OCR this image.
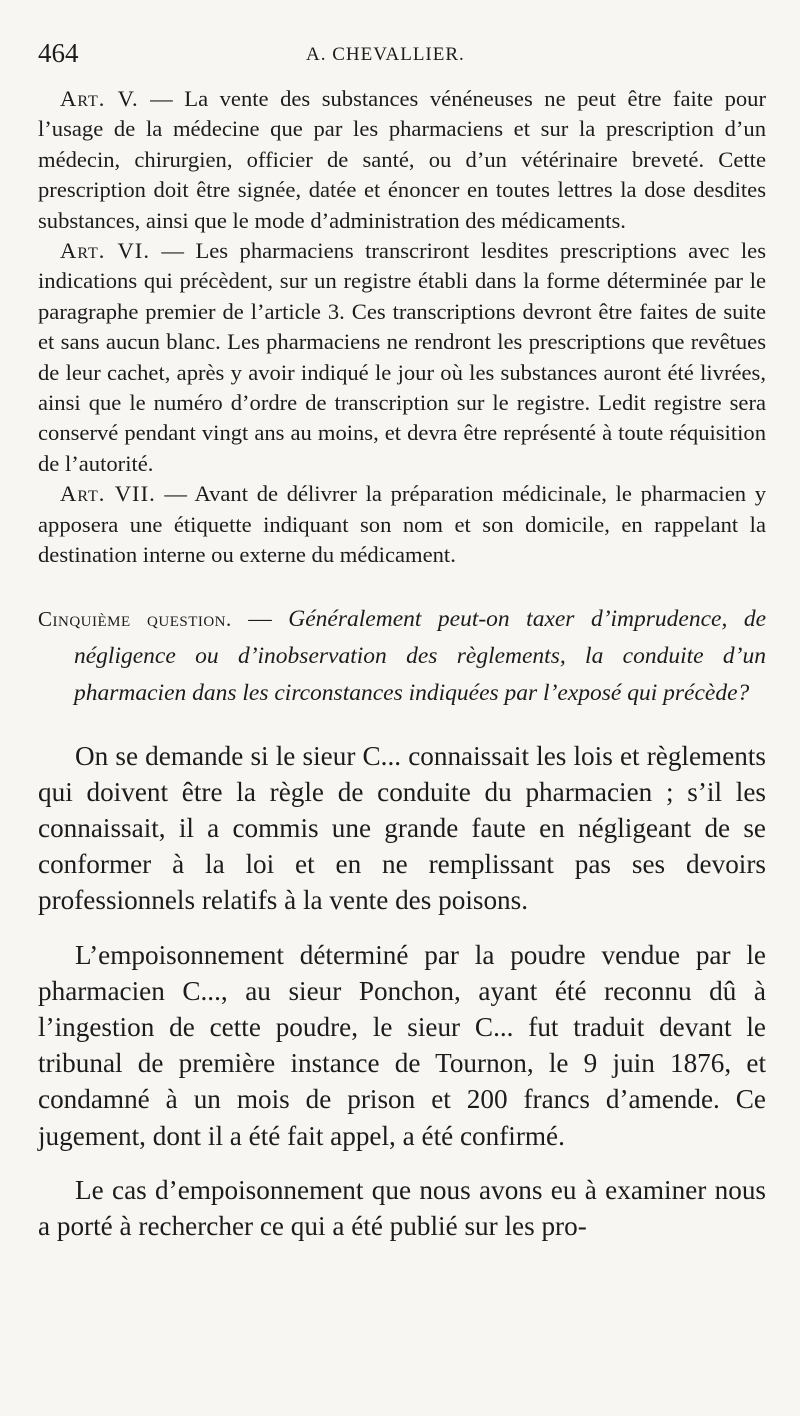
464	A. CHEVALLIER.

Art. V. — La vente des substances vénéneuses ne peut être faite pour l’usage de la médecine que par les pharmaciens et sur la prescription d’un médecin, chirurgien, officier de santé, ou d’un vétérinaire breveté. Cette prescription doit être signée, datée et énoncer en toutes lettres la dose desdites substances, ainsi que le mode d’administration des médicaments.

Art. VI. — Les pharmaciens transcriront lesdites prescriptions avec les indications qui précèdent, sur un registre établi dans la forme déterminée par le paragraphe premier de l’article 3. Ces transcriptions devront être faites de suite et sans aucun blanc. Les pharmaciens ne rendront les prescriptions que revêtues de leur cachet, après y avoir indiqué le jour où les substances auront été livrées, ainsi que le numéro d’ordre de transcription sur le registre. Ledit registre sera conservé pendant vingt ans au moins, et devra être représenté à toute réquisition de l’autorité.

Art. VII. — Avant de délivrer la préparation médicinale, le pharmacien y apposera une étiquette indiquant son nom et son domicile, en rappelant la destination interne ou externe du médicament.

Cinquième question. — Généralement peut-on taxer d’imprudence, de négligence ou d’inobservation des règlements, la conduite d’un pharmacien dans les circonstances indiquées par l’exposé qui précède?

On se demande si le sieur C... connaissait les lois et règlements qui doivent être la règle de conduite du pharmacien ; s’il les connaissait, il a commis une grande faute en négligeant de se conformer à la loi et en ne remplissant pas ses devoirs professionnels relatifs à la vente des poisons.

L’empoisonnement déterminé par la poudre vendue par le pharmacien C..., au sieur Ponchon, ayant été reconnu dû à l’ingestion de cette poudre, le sieur C... fut traduit devant le tribunal de première instance de Tournon, le 9 juin 1876, et condamné à un mois de prison et 200 francs d’amende. Ce jugement, dont il a été fait appel, a été confirmé.

Le cas d’empoisonnement que nous avons eu à examiner nous a porté à rechercher ce qui a été publié sur les pro-
